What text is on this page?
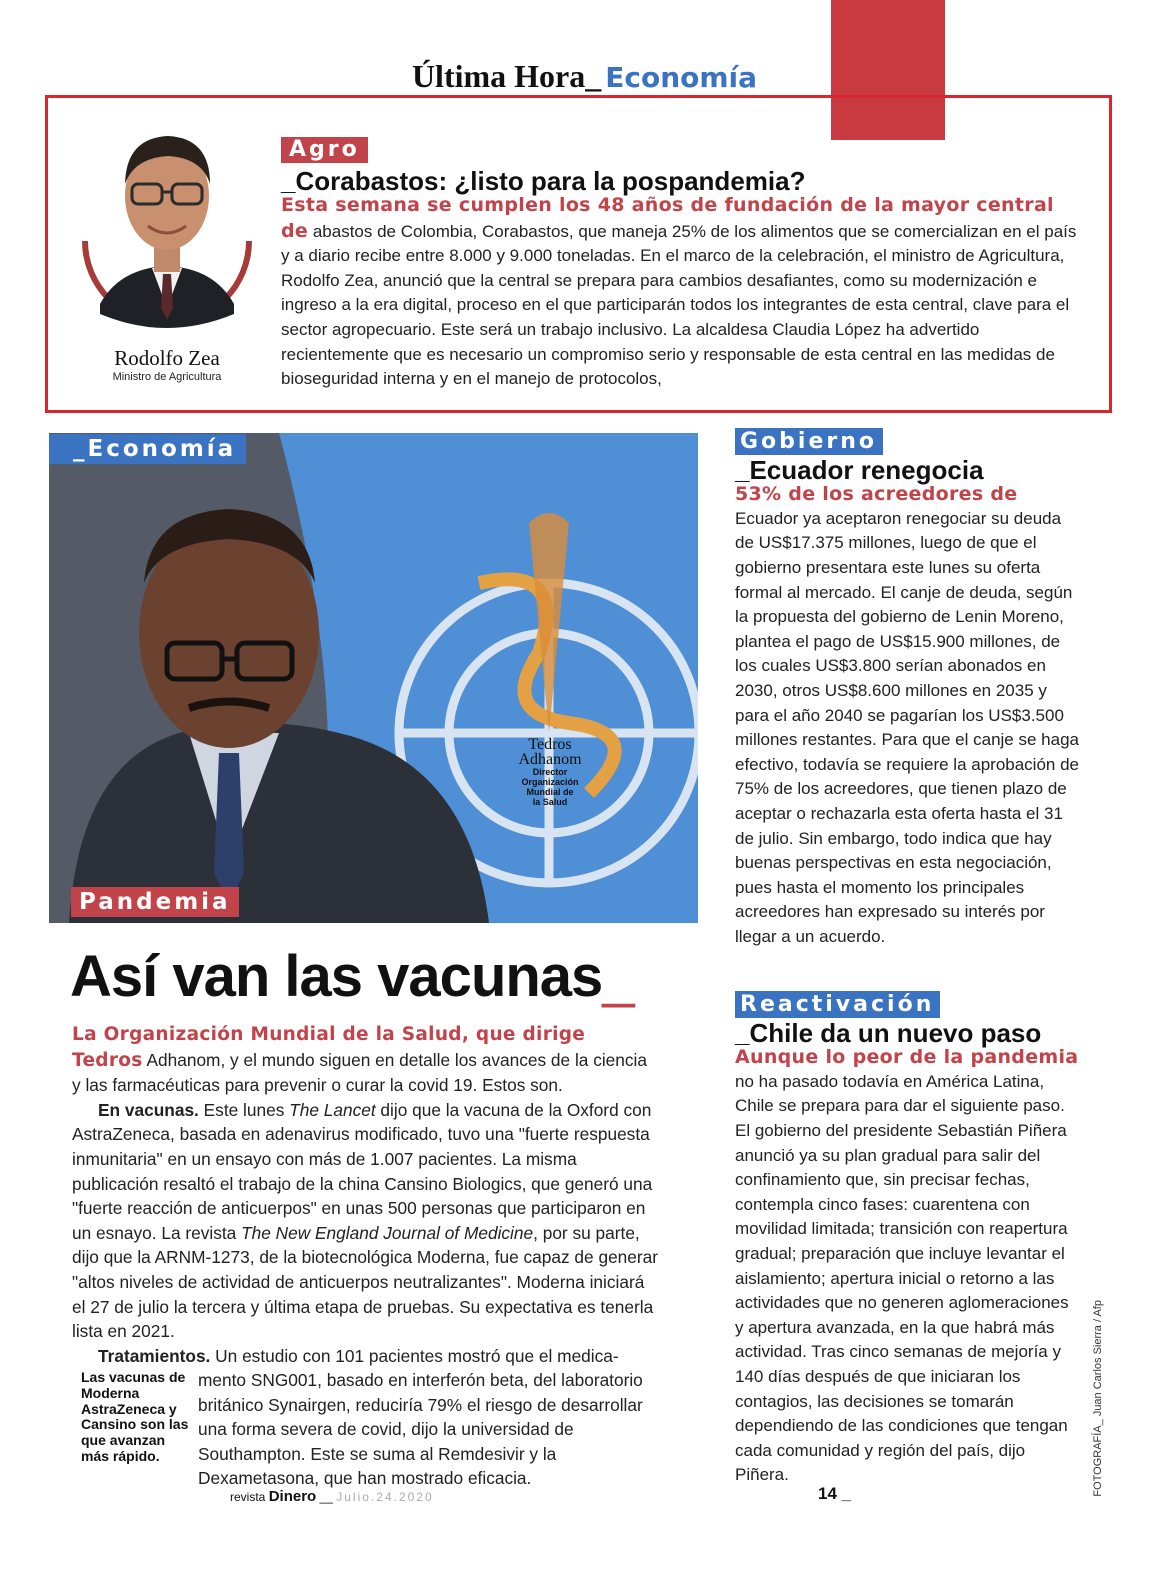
Última Hora_ Economía
Rodolfo Zea
Ministro de Agricultura
Agro
_Corabastos: ¿listo para la pospandemia?
Esta semana se cumplen los 48 años de fundación de la mayor central de abastos de Colombia, Corabastos, que maneja 25% de los alimentos que se comercializan en el país y a diario recibe entre 8.000 y 9.000 toneladas. En el marco de la celebración, el ministro de Agricultura, Rodolfo Zea, anunció que la central se prepara para cambios desafiantes, como su modernización e ingreso a la era digital, proceso en el que participarán todos los integrantes de esta central, clave para el sector agropecuario. Este será un trabajo inclusivo. La alcaldesa Claudia López ha advertido recientemente que es necesario un compromiso serio y responsable de esta central en las medidas de bioseguridad interna y en el manejo de protocolos,
_Economía
Pandemia
Tedros
Adhanom
Director
Organización
Mundial de
la Salud
Así van las vacunas_

La Organización Mundial de la Salud, que dirige Tedros Adhanom, y el mundo siguen en detalle los avances de la ciencia y las farmacéuticas para prevenir o curar la covid 19. Estos son.

En vacunas. Este lunes The Lancet dijo que la vacuna de la Oxford con AstraZeneca, basada en adenavirus modificado, tuvo una "fuerte respuesta inmunitaria" en un ensayo con más de 1.007 pacientes. La misma publicación resaltó el trabajo de la china Cansino Biologics, que generó una "fuerte reacción de anticuerpos" en unas 500 personas que participaron en un esnayo. La revista The New England Journal of Medicine, por su parte, dijo que la ARNM-1273, de la biotecnológica Moderna, fue capaz de generar "altos niveles de actividad de anticuerpos neutralizantes". Moderna iniciará el 27 de julio la tercera y última etapa de pruebas. Su expectativa es tenerla lista en 2021.

Tratamientos. Un estudio con 101 pacientes mostró que el medica-

mento SNG001, basado en interferón beta, del laboratorio británico Synairgen, reduciría 79% el riesgo de desarrollar una forma severa de covid, dijo la universidad de Southampton. Este se suma al Remdesivir y la Dexametasona, que han mostrado eficacia.
Las vacunas de Moderna AstraZeneca y Cansino son las que avanzan más rápido.
Gobierno
_Ecuador renegocia
53% de los acreedores de
Ecuador ya aceptaron renegociar su deuda de US$17.375 millones, luego de que el gobierno presentara este lunes su oferta formal al mercado. El canje de deuda, según la propuesta del gobierno de Lenin Moreno, plantea el pago de US$15.900 millones, de los cuales US$3.800 serían abonados en 2030, otros US$8.600 millones en 2035 y para el año 2040 se pagarían los US$3.500 millones restantes. Para que el canje se haga efectivo, todavía se requiere la aprobación de 75% de los acreedores, que tienen plazo de aceptar o rechazarla esta oferta hasta el 31 de julio. Sin embargo, todo indica que hay buenas perspectivas en esta negociación, pues hasta el momento los principales acreedores han expresado su interés por llegar a un acuerdo.
Reactivación
_Chile da un nuevo paso
Aunque lo peor de la pandemia
no ha pasado todavía en América Latina, Chile se prepara para dar el siguiente paso. El gobierno del presidente Sebastián Piñera anunció ya su plan gradual para salir del confinamiento que, sin precisar fechas, contempla cinco fases: cuarentena con movilidad limitada; transición con reapertura gradual; preparación que incluye levantar el aislamiento; apertura inicial o retorno a las actividades que no generen aglomeraciones y apertura avanzada, en la que habrá más actividad. Tras cinco semanas de mejoría y 140 días después de que iniciaran los contagios, las decisiones se tomarán dependiendo de las condiciones que tengan cada comunidad y región del país, dijo Piñera.	FOTOGRAFÍA_ Juan Carlos Sierra / Afp
revista Dinero __ Julio.24.2020	14 _
